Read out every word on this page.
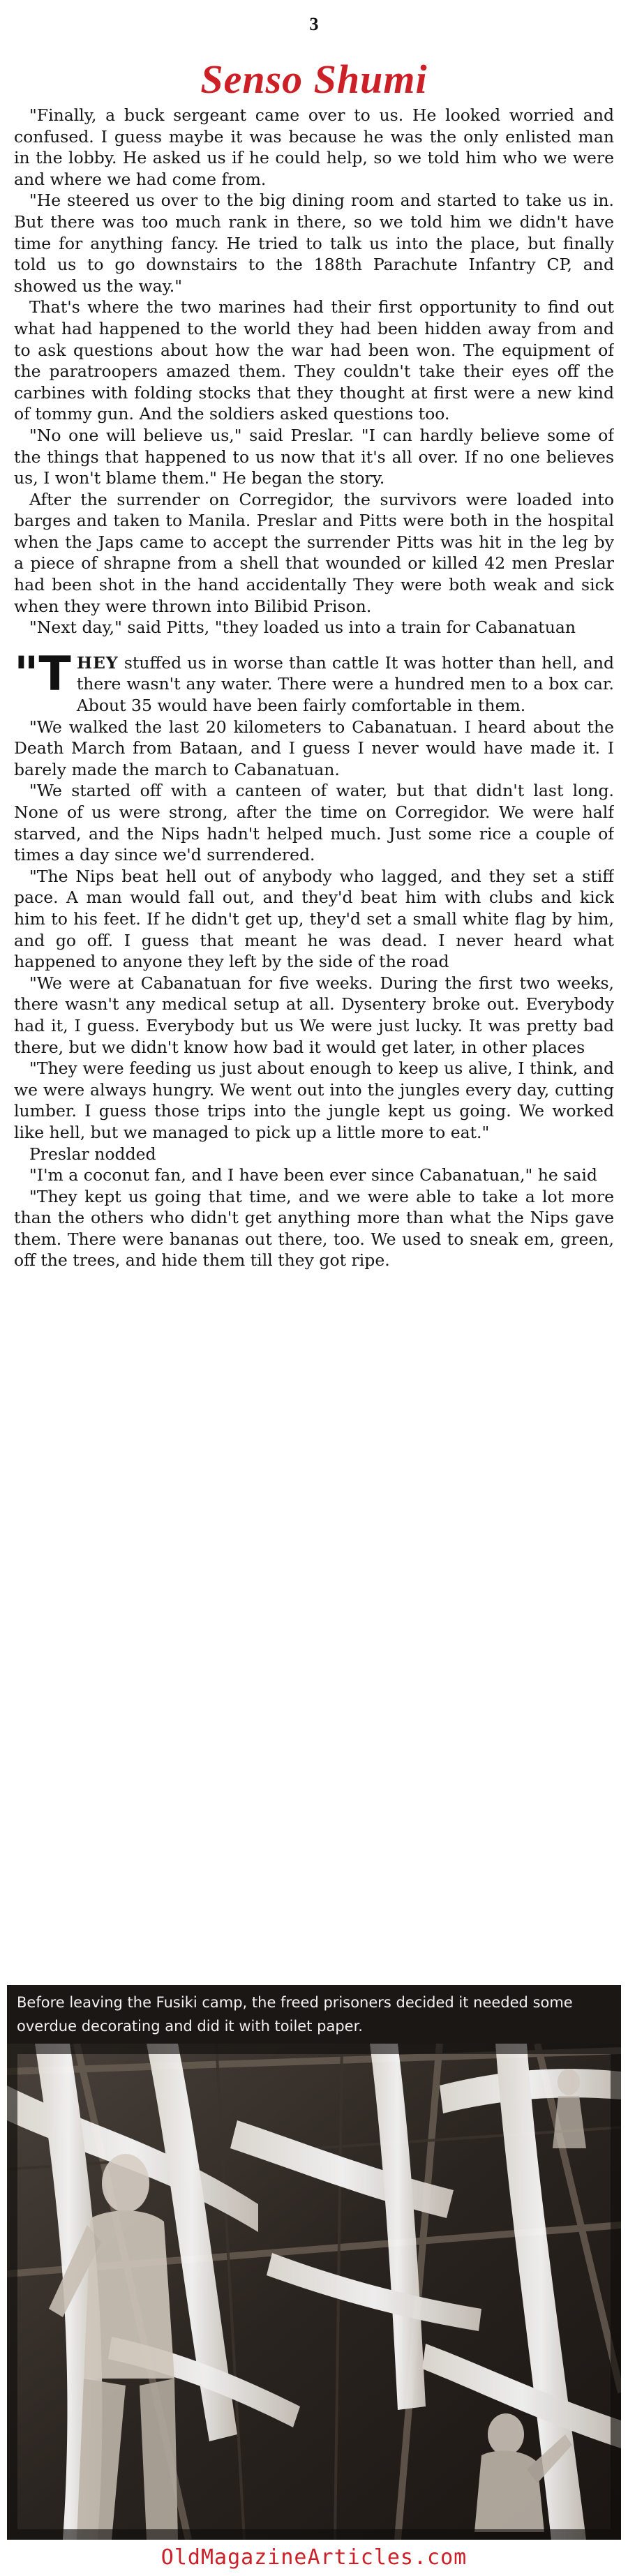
3
Senso Shumi

"Finally, a buck sergeant came over to us. He looked worried and confused. I guess maybe it was because he was the only enlisted man in the lobby. He asked us if he could help, so we told him who we were and where we had come from.

"He steered us over to the big dining room and started to take us in. But there was too much rank in there, so we told him we didn't have time for anything fancy. He tried to talk us into the place, but finally told us to go downstairs to the 188th Parachute Infantry CP, and showed us the way."

That's where the two marines had their first opportunity to find out what had happened to the world they had been hidden away from and to ask questions about how the war had been won. The equipment of the paratroopers amazed them. They couldn't take their eyes off the carbines with folding stocks that they thought at first were a new kind of tommy gun. And the soldiers asked questions too.

"No one will believe us," said Preslar. "I can hardly believe some of the things that happened to us now that it's all over. If no one believes us, I won't blame them." He began the story.

After the surrender on Corregidor, the survivors were loaded into barges and taken to Manila. Preslar and Pitts were both in the hospital when the Japs came to accept the surrender Pitts was hit in the leg by a piece of shrapne from a shell that wounded or killed 42 men Preslar had been shot in the hand accidentally They were both weak and sick when they were thrown into Bilibid Prison.

"Next day," said Pitts, "they loaded us into a train for Cabanatuan

"THEY stuffed us in worse than cattle It was hotter than hell, and there wasn't any water. There were a hundred men to a box car. About 35 would have been fairly comfortable in them.

"We walked the last 20 kilometers to Cabanatuan. I heard about the Death March from Bataan, and I guess I never would have made it. I barely made the march to Cabanatuan.

"We started off with a canteen of water, but that didn't last long. None of us were strong, after the time on Corregidor. We were half starved, and the Nips hadn't helped much. Just some rice a couple of times a day since we'd surrendered.

"The Nips beat hell out of anybody who lagged, and they set a stiff pace. A man would fall out, and they'd beat him with clubs and kick him to his feet. If he didn't get up, they'd set a small white flag by him, and go off. I guess that meant he was dead. I never heard what happened to anyone they left by the side of the road

"We were at Cabanatuan for five weeks. During the first two weeks, there wasn't any medical setup at all. Dysentery broke out. Everybody had it, I guess. Everybody but us We were just lucky. It was pretty bad there, but we didn't know how bad it would get later, in other places

"They were feeding us just about enough to keep us alive, I think, and we were always hungry. We went out into the jungles every day, cutting lumber. I guess those trips into the jungle kept us going. We worked like hell, but we managed to pick up a little more to eat."

Preslar nodded

"I'm a coconut fan, and I have been ever since Cabanatuan," he said

"They kept us going that time, and we were able to take a lot more than the others who didn't get anything more than what the Nips gave them. There were bananas out there, too. We used to sneak em, green, off the trees, and hide them till they got ripe.

Before leaving the Fusiki camp, the freed prisoners decided it needed some overdue decorating and did it with toilet paper.
OldMagazineArticles.com
